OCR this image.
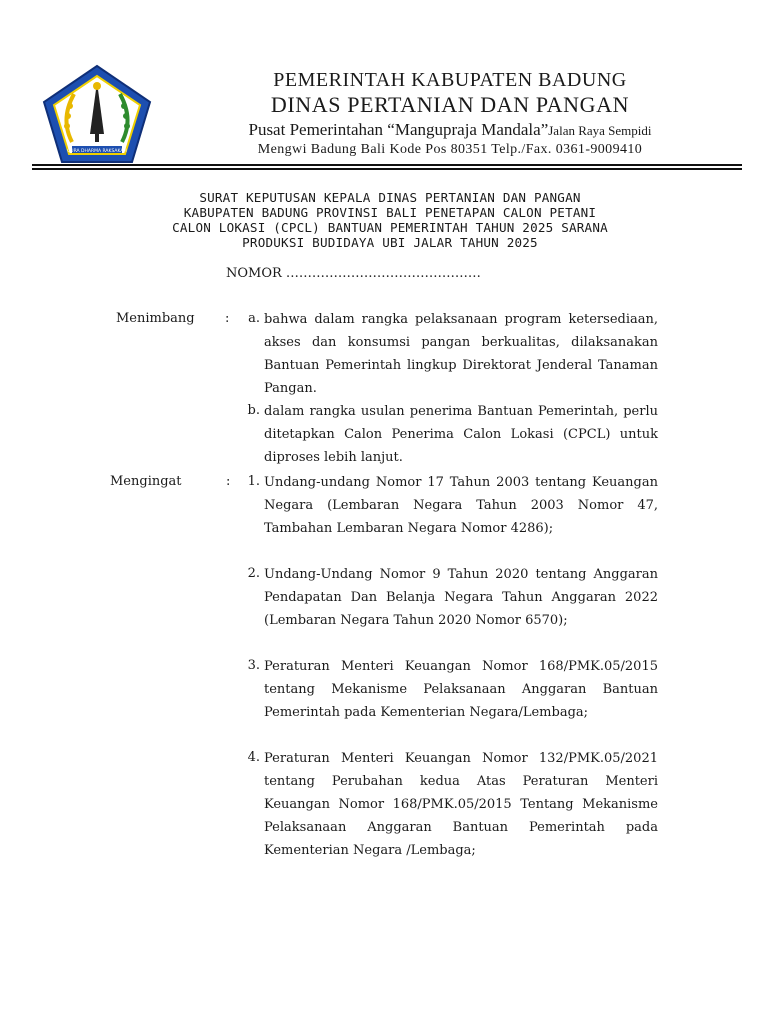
CURA DHARMA RAKSAKAH
PEMERINTAH KABUPATEN BADUNG
DINAS PERTANIAN DAN PANGAN
Pusat Pemerintahan “Mangupraja Mandala”Jalan Raya Sempidi
Mengwi Badung Bali Kode Pos 80351 Telp./Fax. 0361-9009410
SURAT KEPUTUSAN KEPALA DINAS PERTANIAN DAN PANGAN
KABUPATEN BADUNG PROVINSI BALI PENETAPAN CALON PETANI
CALON LOKASI (CPCL) BANTUAN PEMERINTAH TAHUN 2025 SARANA
PRODUKSI BUDIDAYA UBI JALAR TAHUN 2025
NOMOR ………………………………………
Menimbang :	a. bahwa dalam rangka pelaksanaan program ketersediaan, akses dan konsumsi pangan berkualitas, dilaksanakan Bantuan Pemerintah lingkup Direktorat Jenderal Tanaman Pangan.
b. dalam rangka usulan penerima Bantuan Pemerintah, perlu ditetapkan Calon Penerima Calon Lokasi (CPCL) untuk diproses lebih lanjut.
Mengingat	:	1. Undang-undang Nomor 17 Tahun 2003 tentang Keuangan Negara (Lembaran Negara Tahun 2003 Nomor 47, Tambahan Lembaran Negara Nomor 4286);
2. Undang-Undang Nomor 9 Tahun 2020 tentang Anggaran Pendapatan Dan Belanja Negara Tahun Anggaran 2022 (Lembaran Negara Tahun 2020 Nomor 6570);
3. Peraturan Menteri Keuangan Nomor 168/PMK.05/2015 tentang Mekanisme Pelaksanaan Anggaran Bantuan Pemerintah pada Kementerian Negara/Lembaga;
4. Peraturan Menteri Keuangan Nomor 132/PMK.05/2021 tentang Perubahan kedua Atas Peraturan Menteri Keuangan Nomor 168/PMK.05/2015 Tentang Mekanisme Pelaksanaan Anggaran Bantuan Pemerintah pada Kementerian Negara /Lembaga;
